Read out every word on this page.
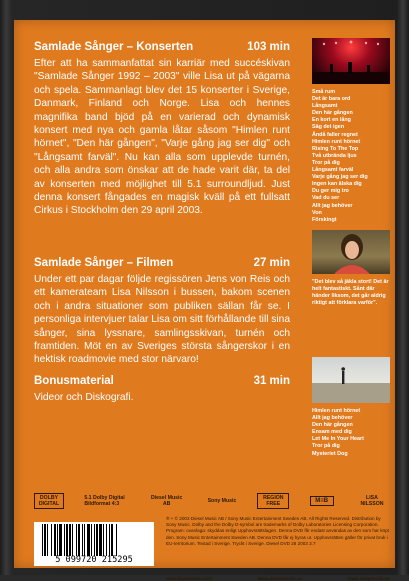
Samlade Sånger – Konserten	103 min
Efter att ha sammanfattat sin karriär med succéskivan "Samlade Sånger 1992 – 2003" ville Lisa ut på vägarna och spela. Sammanlagt blev det 15 konserter i Sverige, Danmark, Finland och Norge. Lisa och hennes magnifika band bjöd på en varierad och dynamisk konsert med nya och gamla låtar såsom "Himlen runt hörnet", "Den här gången", "Varje gång jag ser dig" och "Långsamt farväl". Nu kan alla som upplevde turnén, och alla andra som önskar att de hade varit där, ta del av konserten med möjlighet till 5.1 surroundljud. Just denna konsert fångades en magisk kväll på ett fullsatt Cirkus i Stockholm den 29 april 2003.
Samlade Sånger – Filmen	27 min
Under ett par dagar följde regissören Jens von Reis och ett kamerateam Lisa Nilsson i bussen, bakom scenen och i andra situationer som publiken sällan får se. I personliga intervjuer talar Lisa om sitt förhållande till sina sånger, sina lyssnare, samlingsskivan, turnén och framtiden. Möt en av Sveriges största sångerskor i en hektisk roadmovie med stor närvaro!
Bonusmaterial	31 min
Videor och Diskografi.
Små rum
Det är bara ord
Långsamt
Den här gången
En kort en lång
Säg det igen
Ändå faller regnet
Himlen runt hörnet
Rising To The Top
Två utbrända ljus
Tror på dig
Långsamt farväl
Varje gång jag ser dig
Ingen kan älska dig
Du ger mig tro
Vad du ser
Allt jag behöver
Von
Förskingt
"Det blev så jäkla stort! Det är helt fantastiskt. Sånt där händer liksom, det går aldrig riktigt att förklara varför".
Himlen runt hörnet
Allt jag behöver
Den här gången
Ensam med dig
Let Me In Your Heart
Tror på dig
Mysteriet Dog
DOLBY DIGITAL
5.1 Dolby Digital
Bildformat 4:3
Diesel Music AB	Sony Music	REGION FREE	M≡B	LISA NILSSON
5 099720 215295
℗ + © 2003 Diesel Music AB / Sony Music Entertainment Sweden AB. All Rights Reserved. Distribution by Sony Music. Dolby and the Dolby D-symbol are trademarks of Dolby Laboratories Licensing Corporation. Program: ovanlaga: skyddas enligt Upphovsrättslagen. Denna DVD får endast användas av den som har köpt den. Sony Music Entertainment Sweden AB. Denna DVD får ej hyras ut. Upphovsrätten gäller för privat bruk i EU-territorium. Textad i Sverige. Tryckt i Sverige. Diesel DVD 28 2003 3.7
www.lisanilsson.com	www.dieselmusic.se	www.sonymusic.se
